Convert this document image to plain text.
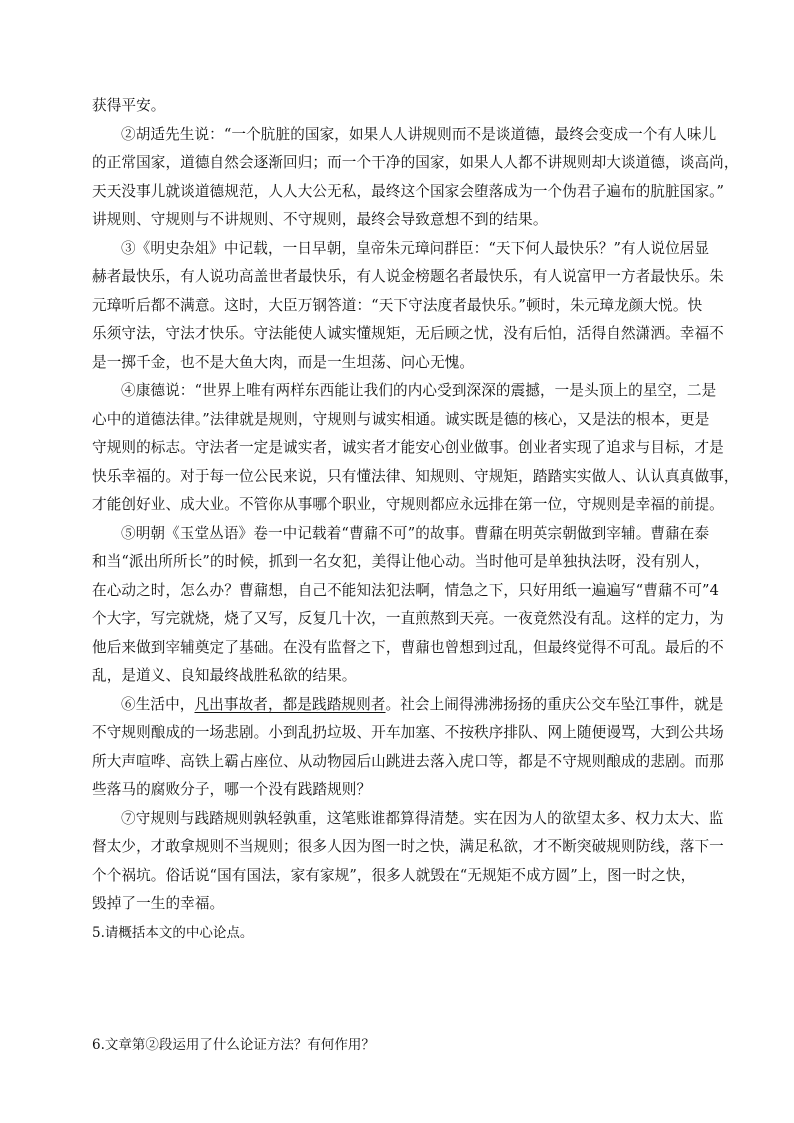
获得平安。
②胡适先生说：“一个肮脏的国家，如果人人讲规则而不是谈道德，最终会变成一个有人味儿
的正常国家，道德自然会逐渐回归；而一个干净的国家，如果人人都不讲规则却大谈道德，谈高尚，
天天没事儿就谈道德规范，人人大公无私，最终这个国家会堕落成为一个伪君子遍布的肮脏国家。”
讲规则、守规则与不讲规则、不守规则，最终会导致意想不到的结果。
③《明史杂俎》中记载，一日早朝，皇帝朱元璋问群臣：“天下何人最快乐？”有人说位居显
赫者最快乐，有人说功高盖世者最快乐，有人说金榜题名者最快乐，有人说富甲一方者最快乐。朱
元璋听后都不满意。这时，大臣万钢答道：“天下守法度者最快乐。”顿时，朱元璋龙颜大悦。快
乐须守法，守法才快乐。守法能使人诚实懂规矩，无后顾之忧，没有后怕，活得自然潇洒。幸福不
是一掷千金，也不是大鱼大肉，而是一生坦荡、问心无愧。
④康德说：“世界上唯有两样东西能让我们的内心受到深深的震撼，一是头顶上的星空，二是
心中的道德法律。”法律就是规则，守规则与诚实相通。诚实既是德的核心，又是法的根本，更是
守规则的标志。守法者一定是诚实者，诚实者才能安心创业做事。创业者实现了追求与目标，才是
快乐幸福的。对于每一位公民来说，只有懂法律、知规则、守规矩，踏踏实实做人、认认真真做事，
才能创好业、成大业。不管你从事哪个职业，守规则都应永远排在第一位，守规则是幸福的前提。
⑤明朝《玉堂丛语》卷一中记载着“曹鼐不可”的故事。曹鼐在明英宗朝做到宰辅。曹鼐在泰
和当“派出所所长”的时候，抓到一名女犯，美得让他心动。当时他可是单独执法呀，没有别人，
在心动之时，怎么办？曹鼐想，自己不能知法犯法啊，情急之下，只好用纸一遍遍写“曹鼐不可”4
个大字，写完就烧，烧了又写，反复几十次，一直煎熬到天亮。一夜竟然没有乱。这样的定力，为
他后来做到宰辅奠定了基础。在没有监督之下，曹鼐也曾想到过乱，但最终觉得不可乱。最后的不
乱，是道义、良知最终战胜私欲的结果。
⑥生活中，凡出事故者，都是践踏规则者。社会上闹得沸沸扬扬的重庆公交车坠江事件，就是
不守规则酿成的一场悲剧。小到乱扔垃圾、开车加塞、不按秩序排队、网上随便谩骂，大到公共场
所大声喧哗、高铁上霸占座位、从动物园后山跳进去落入虎口等，都是不守规则酿成的悲剧。而那
些落马的腐败分子，哪一个没有践踏规则？
⑦守规则与践踏规则孰轻孰重，这笔账谁都算得清楚。实在因为人的欲望太多、权力太大、监
督太少，才敢拿规则不当规则；很多人因为图一时之快，满足私欲，才不断突破规则防线，落下一
个个祸坑。俗话说“国有国法，家有家规”，很多人就毁在“无规矩不成方圆”上，图一时之快，
毁掉了一生的幸福。
5.请概括本文的中心论点。
6.文章第②段运用了什么论证方法？有何作用？
